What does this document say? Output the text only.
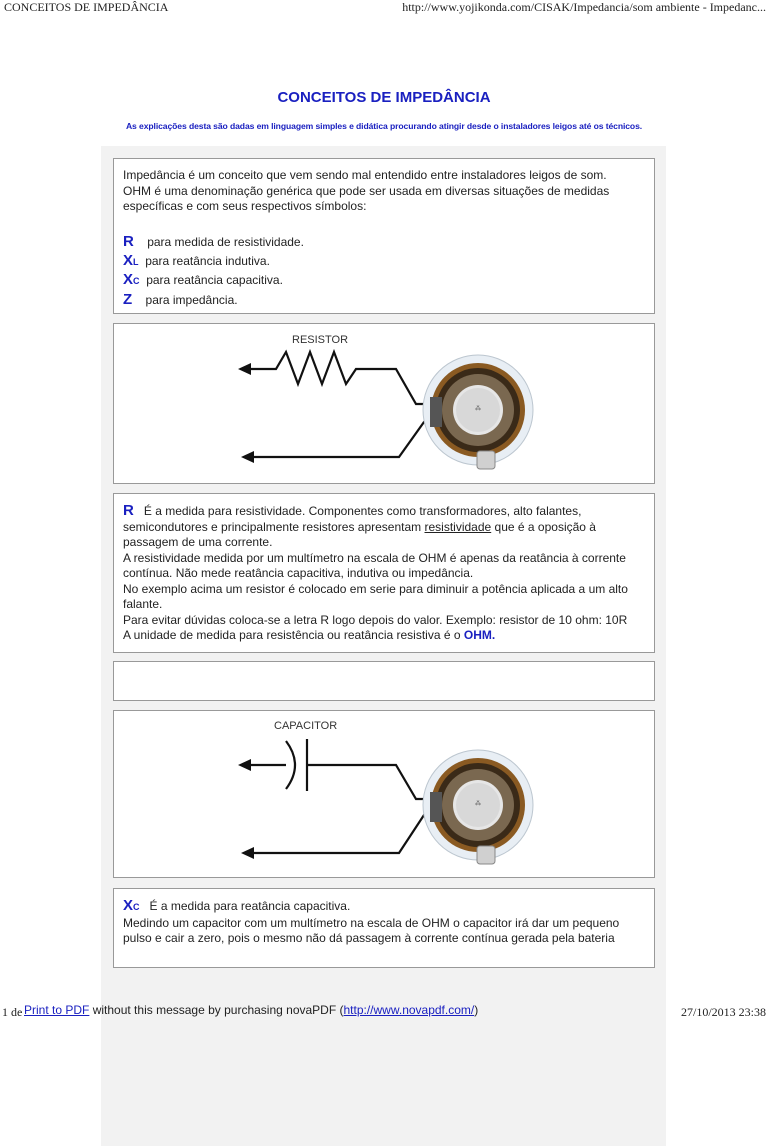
CONCEITOS DE IMPEDÂNCIA	http://www.yojikonda.com/CISAK/Impedancia/som ambiente - Impedanc...
CONCEITOS DE IMPEDÂNCIA
As explicações desta são dadas em linguagem simples e didática procurando atingir desde o instaladores leigos até os técnicos.
Impedância é um conceito que vem sendo mal entendido entre instaladores leigos de som.
OHM é uma denominação genérica que pode ser usada em diversas situações de medidas
específicas e com seus respectivos símbolos:
R para medida de resistividade.
XL para reatância indutiva.
XC para reatância capacitiva.
Z para impedância.
RESISTOR
⁂
R É a medida para resistividade. Componentes como transformadores, alto falantes,
semicondutores e principalmente resistores apresentam resistividade que é a oposição à
passagem de uma corrente.
A resistividade medida por um multímetro na escala de OHM é apenas da reatância à corrente
contínua. Não mede reatância capacitiva, indutiva ou impedância.
No exemplo acima um resistor é colocado em serie para diminuir a potência aplicada a um alto
falante.
Para evitar dúvidas coloca-se a letra R logo depois do valor. Exemplo: resistor de 10 ohm: 10R
A unidade de medida para resistência ou reatância resistiva é o OHM.
CAPACITOR
⁂
XC É a medida para reatância capacitiva.
Medindo um capacitor com um multímetro na escala de OHM o capacitor irá dar um pequeno
pulso e cair a zero, pois o mesmo não dá passagem à corrente contínua gerada pela bateria
1 de Print to PDF without this message by purchasing novaPDF (http://www.novapdf.com/)	27/10/2013 23:38
